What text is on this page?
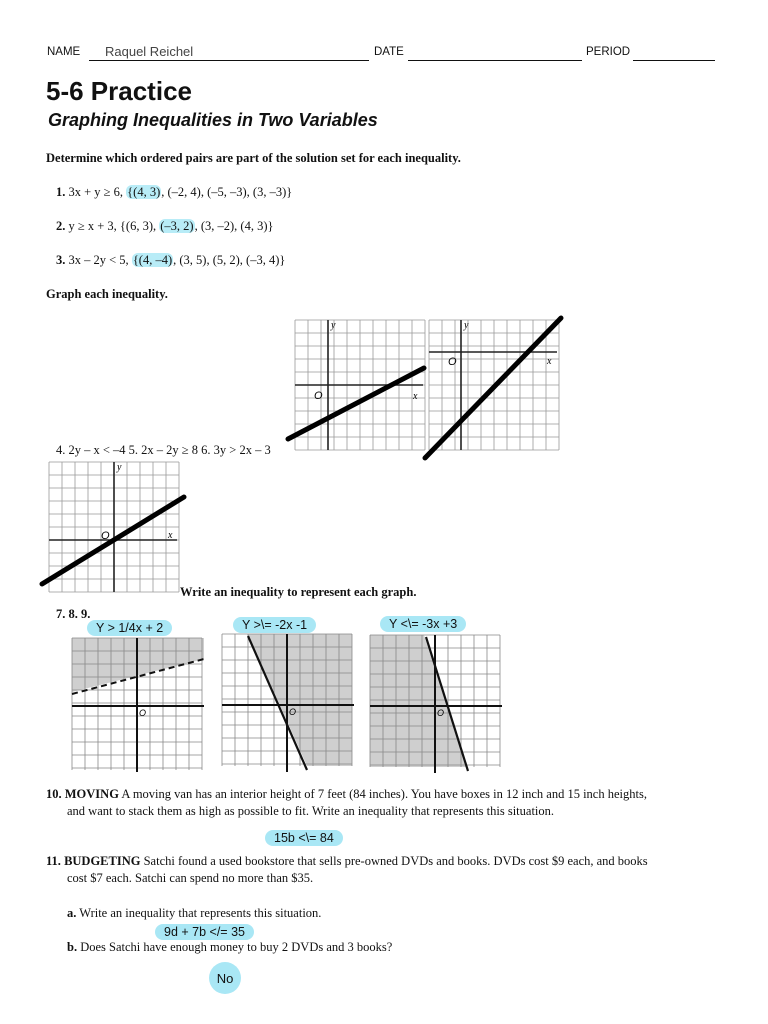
NAME Raquel Reichel	DATE	PERIOD
5-6 Practice
Graphing Inequalities in Two Variables
Determine which ordered pairs are part of the solution set for each inequality.
1. 3x + y ≥ 6, {(4, 3), (–2, 4), (–5, –3), (3, –3)}
2. y ≥ x + 3, {(6, 3), (–3, 2), (3, –2), (4, 3)}
3. 3x – 2y < 5, {(4, –4), (3, 5), (5, 2), (–3, 4)}
Graph each inequality.
O	x
y
O	x
y
4. 2y – x < –4 5. 2x – 2y ≥ 8 6. 3y > 2x – 3
O	x
y
Write an inequality to represent each graph.
7. 8. 9.
Y > 1/4x + 2	Y >\= -2x -1	Y <\= -3x +3
O	O	O
10. MOVING A moving van has an interior height of 7 feet (84 inches). You have boxes in 12 inch and 15 inch heights,
and want to stack them as high as possible to fit. Write an inequality that represents this situation.
15b <\= 84
11. BUDGETING Satchi found a used bookstore that sells pre-owned DVDs and books. DVDs cost $9 each, and books
cost $7 each. Satchi can spend no more than $35.
a. Write an inequality that represents this situation.
9d + 7b </= 35
b. Does Satchi have enough money to buy 2 DVDs and 3 books?
No
